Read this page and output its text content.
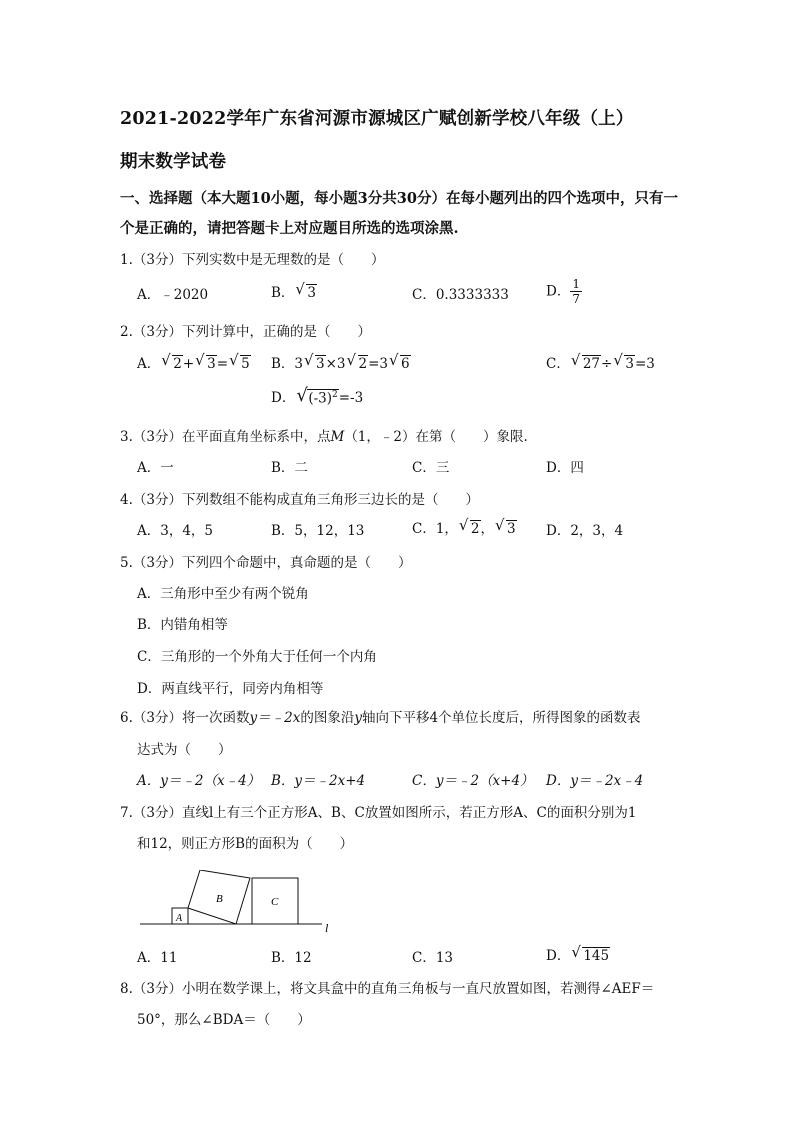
2021-2022学年广东省河源市源城区广赋创新学校八年级（上）
期末数学试卷
一、选择题（本大题10小题，每小题3分共30分）在每小题列出的四个选项中，只有一
个是正确的，请把答题卡上对应题目所选的选项涂黑.
1.（3分）下列实数中是无理数的是（　　）
A．﹣2020	B． √ 3	C．0.3333333	D． $\frac{1}{7}$
2.（3分）下列计算中，正确的是（　　）
A． √ 2+ √ 3= √ 5 B．3 √ 3×3 √ 2=3 √ 6	C． √ 27÷ √ 3=3
D． √ $(-3)^2=-3$
3.（3分）在平面直角坐标系中，点M（1，﹣2）在第（　　）象限.
A．一	B．二	C．三	D．四
4.（3分）下列数组不能构成直角三角形三边长的是（　　）
A．3，4，5	B．5，12，13	C．1， √ 2， √ 3 D．2，3，4
5.（3分）下列四个命题中，真命题的是（　　）
A．三角形中至少有两个锐角
B．内错角相等
C．三角形的一个外角大于任何一个内角
D．两直线平行，同旁内角相等
6.（3分）将一次函数y＝﹣2x的图象沿y轴向下平移4个单位长度后，所得图象的函数表
达式为（　　）
A．y＝﹣2（x﹣4） B．y＝﹣2x+4	C．y＝﹣2（x+4） D．y＝﹣2x﹣4
7.（3分）直线l上有三个正方形A、B、C放置如图所示，若正方形A、C的面积分别为1
和12，则正方形B的面积为（　　）
A
B	C
l
A．11	B．12	C．13	D． √ 145
8.（3分）小明在数学课上，将文具盒中的直角三角板与一直尺放置如图，若测得∠AEF＝
50°，那么∠BDA＝（　　）
